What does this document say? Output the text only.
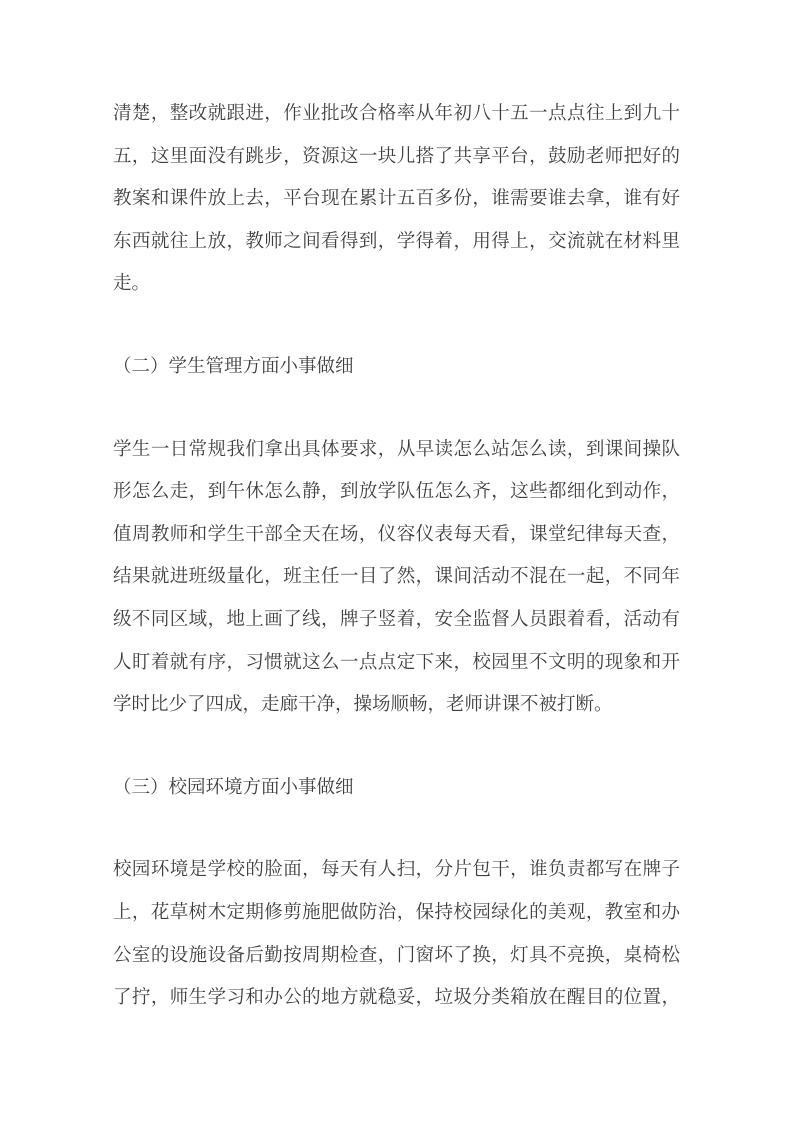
清楚，整改就跟进，作业批改合格率从年初八十五一点点往上到九十
五，这里面没有跳步，资源这一块儿搭了共享平台，鼓励老师把好的
教案和课件放上去，平台现在累计五百多份，谁需要谁去拿，谁有好
东西就往上放，教师之间看得到，学得着，用得上，交流就在材料里
走。
（二）学生管理方面小事做细
学生一日常规我们拿出具体要求，从早读怎么站怎么读，到课间操队
形怎么走，到午休怎么静，到放学队伍怎么齐，这些都细化到动作，
值周教师和学生干部全天在场，仪容仪表每天看，课堂纪律每天查，
结果就进班级量化，班主任一目了然，课间活动不混在一起，不同年
级不同区域，地上画了线，牌子竖着，安全监督人员跟着看，活动有
人盯着就有序，习惯就这么一点点定下来，校园里不文明的现象和开
学时比少了四成，走廊干净，操场顺畅，老师讲课不被打断。
（三）校园环境方面小事做细
校园环境是学校的脸面，每天有人扫，分片包干，谁负责都写在牌子
上，花草树木定期修剪施肥做防治，保持校园绿化的美观，教室和办
公室的设施设备后勤按周期检查，门窗坏了换，灯具不亮换，桌椅松
了拧，师生学习和办公的地方就稳妥，垃圾分类箱放在醒目的位置，
